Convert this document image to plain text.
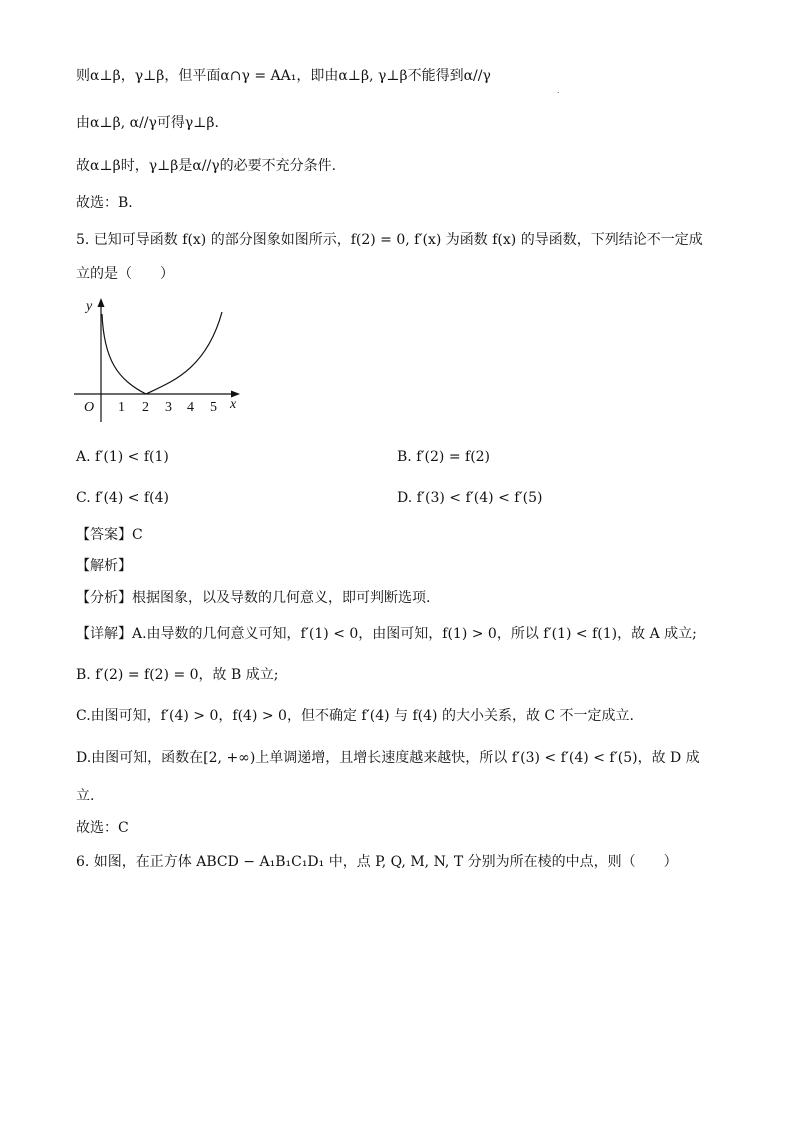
则α⊥β，γ⊥β，但平面α∩γ = AA₁，即由α⊥β, γ⊥β不能得到α//γ
.
由α⊥β, α//γ可得γ⊥β.
故α⊥β时，γ⊥β是α//γ的必要不充分条件.
故选：B.
5. 已知可导函数 f(x) 的部分图象如图所示，f(2) = 0, f′(x) 为函数 f(x) 的导函数，下列结论不一定成
立的是（　　）
y
x
O 1 2 3 4 5
A. f′(1) < f(1)	B. f′(2) = f(2)
C. f′(4) < f(4)	D. f′(3) < f′(4) < f′(5)
【答案】C
【解析】
【分析】根据图象，以及导数的几何意义，即可判断选项.
【详解】A.由导数的几何意义可知，f′(1) < 0，由图可知，f(1) > 0，所以 f′(1) < f(1)，故 A 成立;
B. f′(2) = f(2) = 0，故 B 成立;
C.由图可知，f′(4) > 0，f(4) > 0，但不确定 f′(4) 与 f(4) 的大小关系，故 C 不一定成立.
D.由图可知，函数在[2, +∞)上单调递增，且增长速度越来越快，所以 f′(3) < f′(4) < f′(5)，故 D 成
立.
故选：C
6. 如图，在正方体 ABCD − A₁B₁C₁D₁ 中，点 P, Q, M, N, T 分别为所在棱的中点，则（　　）
